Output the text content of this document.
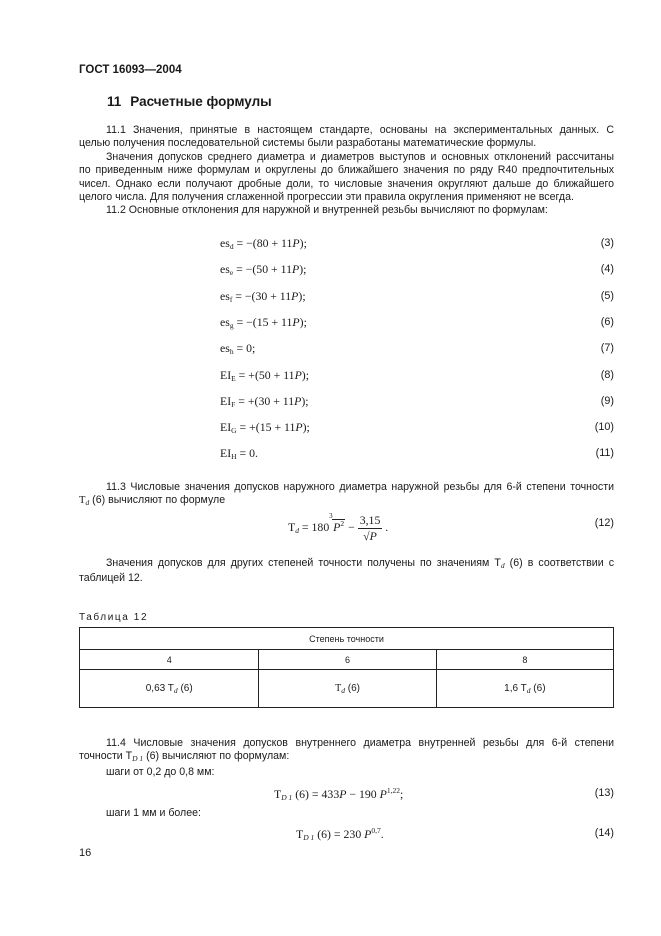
ГОСТ 16093—2004
11 Расчетные формулы
11.1 Значения, принятые в настоящем стандарте, основаны на экспериментальных данных. С
целью получения последовательной системы были разработаны математические формулы.
Значения допусков среднего диаметра и диаметров выступов и основных отклонений рассчитаны
по приведенным ниже формулам и округлены до ближайшего значения по ряду R40 предпочтительных
чисел. Однако если получают дробные доли, то числовые значения округляют дальше до ближайшего
целого числа. Для получения сглаженной прогрессии эти правила округления применяют не всегда.
11.2 Основные отклонения для наружной и внутренней резьбы вычисляют по формулам:
$es_d = -(80 + 11P)$;	(3)
$es_e = -(50 + 11P)$;	(4)
$es_f = -(30 + 11P)$;	(5)
$es_g = -(15 + 11P)$;	(6)
$es_h = 0$;	(7)
$EI_E = +(50 + 11P)$;	(8)
$EI_F = +(30 + 11P)$;	(9)
$EI_G = +(15 + 11P)$;	(10)
$EI_H = 0$.	(11)
11.3 Числовые значения допусков наружного диаметра наружной резьбы для 6-й степени точности
$T_d$ (6) вычисляют по формуле
$T_d = 180$
3
$P^2 - \frac{3,15}{√P}$ .	(12)
Значения допусков для других степеней точности получены по значениям $T_d$ (6) в соответствии с
таблицей 12.
Таблица 12
Степень точности		
4	6	8
0,63 $T_d$ (6)	$T_d$ (6)	1,6 $T_d$ (6)
11.4 Числовые значения допусков внутреннего диаметра внутренней резьбы для 6-й степени
точности $T_{D 1}$ (6) вычисляют по формулам:
шаги от 0,2 до 0,8 мм:
$T_{D 1}$ (6) = 433P − 190 P$^{1,22}$;	(13)
шаги 1 мм и более:
$T_{D 1}$ (6) = 230 P$^{0,7}$.	(14)
16
